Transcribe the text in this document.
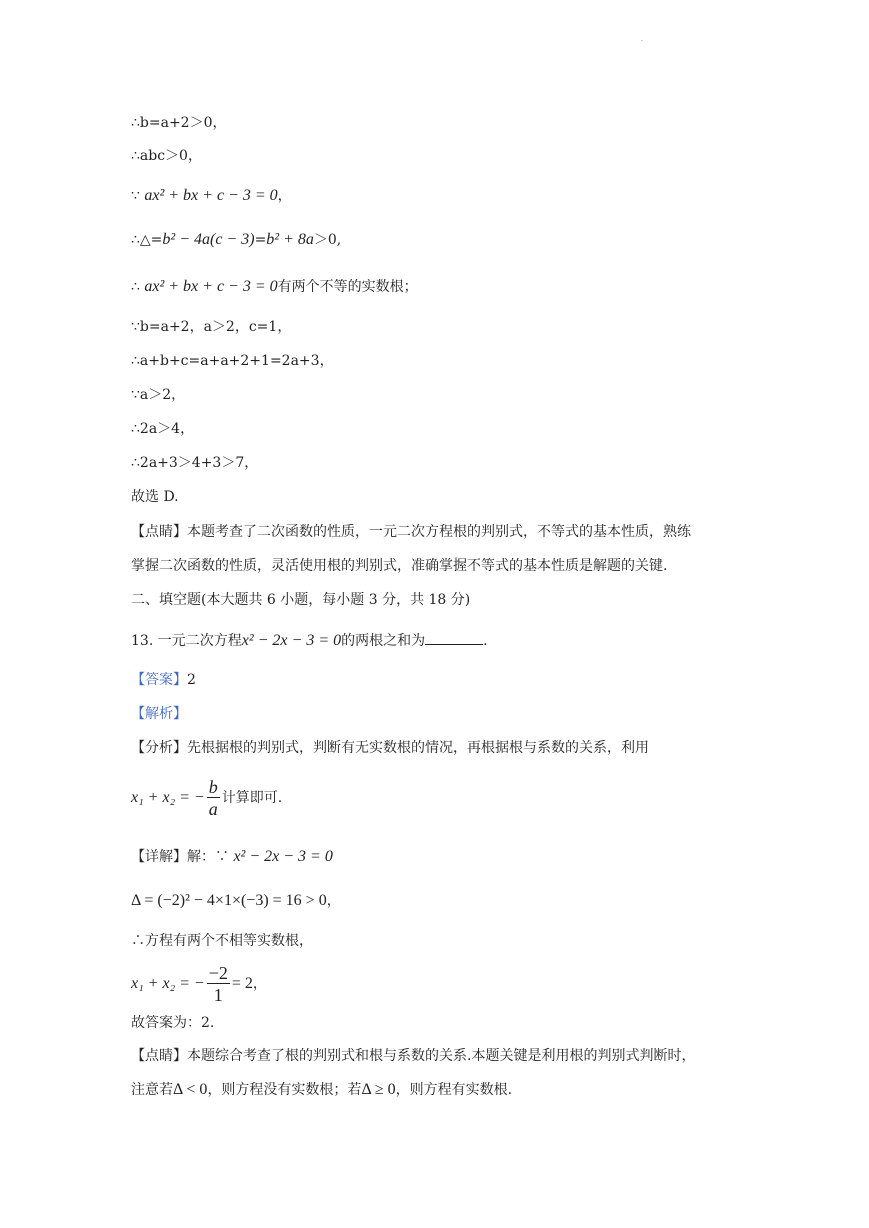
.
∴b=a+2＞0，
∴abc＞0，
∵ ax² + bx + c − 3 = 0，
∴△=b² − 4a(c − 3)=b² + 8a＞0,
∴ ax² + bx + c − 3 = 0有两个不等的实数根；
∵b=a+2，a＞2，c=1，
∴a+b+c=a+a+2+1=2a+3，
∵a＞2，
∴2a＞4，
∴2a+3＞4+3＞7，
故选 D.
【点睛】本题考查了二次函数的性质，一元二次方程根的判别式，不等式的基本性质，熟练
掌握二次函数的性质，灵活使用根的判别式，准确掌握不等式的基本性质是解题的关键.
二、填空题(本大题共 6 小题，每小题 3 分，共 18 分)
13. 一元二次方程x² − 2x − 3 = 0的两根之和为	.
【答案】2
【解析】
【分析】先根据根的判别式，判断有无实数根的情况，再根据根与系数的关系，利用
x₁ + x₂ = − $\frac{b}{a}$ 计算即可.
【详解】解：∵ x² − 2x − 3 = 0
Δ = (−2)² − 4×1×(−3) = 16 > 0，
∴方程有两个不相等实数根，
x₁ + x₂ = − $\frac{-2}{1} = 2$，
故答案为：2.
【点睛】本题综合考查了根的判别式和根与系数的关系.本题关键是利用根的判别式判断时，
注意若Δ < 0，则方程没有实数根；若Δ ≥ 0，则方程有实数根.
